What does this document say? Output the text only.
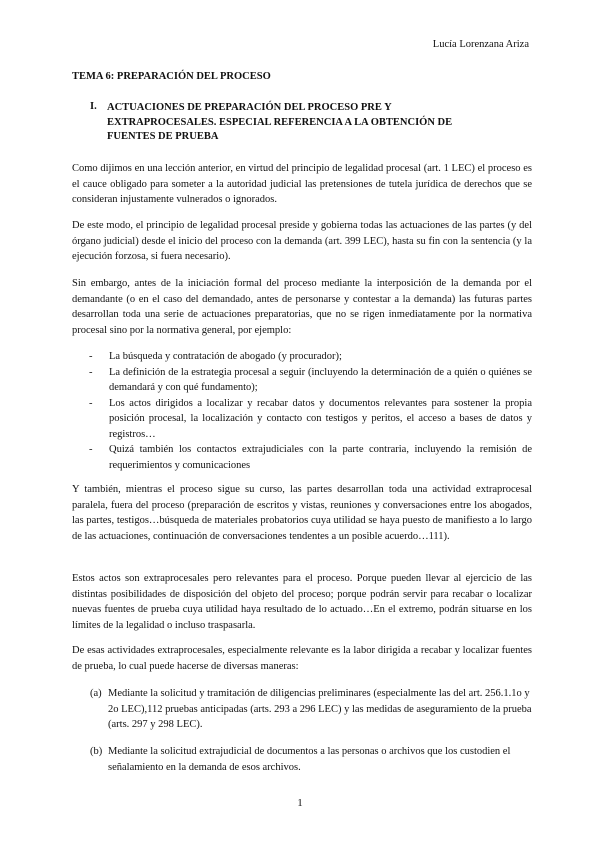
Lucía Lorenzana Ariza
TEMA 6: PREPARACIÓN DEL PROCESO
I. ACTUACIONES DE PREPARACIÓN DEL PROCESO PRE Y EXTRAPROCESALES. ESPECIAL REFERENCIA A LA OBTENCIÓN DE FUENTES DE PRUEBA
Como dijimos en una lección anterior, en virtud del principio de legalidad procesal (art. 1 LEC) el proceso es el cauce obligado para someter a la autoridad judicial las pretensiones de tutela jurídica de derechos que se consideran injustamente vulnerados o ignorados.
De este modo, el principio de legalidad procesal preside y gobierna todas las actuaciones de las partes (y del órgano judicial) desde el inicio del proceso con la demanda (art. 399 LEC), hasta su fin con la sentencia (y la ejecución forzosa, si fuera necesario).
Sin embargo, antes de la iniciación formal del proceso mediante la interposición de la demanda por el demandante (o en el caso del demandado, antes de personarse y contestar a la demanda) las futuras partes desarrollan toda una serie de actuaciones preparatorias, que no se rigen inmediatamente por la normativa procesal sino por la normativa general, por ejemplo:
- La búsqueda y contratación de abogado (y procurador);
- La definición de la estrategia procesal a seguir (incluyendo la determinación de a quién o quiénes se demandará y con qué fundamento);
- Los actos dirigidos a localizar y recabar datos y documentos relevantes para sostener la propia posición procesal, la localización y contacto con testigos y peritos, el acceso a bases de datos y registros…
- Quizá también los contactos extrajudiciales con la parte contraria, incluyendo la remisión de requerimientos y comunicaciones
Y también, mientras el proceso sigue su curso, las partes desarrollan toda una actividad extraprocesal paralela, fuera del proceso (preparación de escritos y vistas, reuniones y conversaciones entre los abogados, las partes, testigos…búsqueda de materiales probatorios cuya utilidad se haya puesto de manifiesto a lo largo de las actuaciones, continuación de conversaciones tendentes a un posible acuerdo…111).
Estos actos son extraprocesales pero relevantes para el proceso. Porque pueden llevar al ejercicio de las distintas posibilidades de disposición del objeto del proceso; porque podrán servir para recabar o localizar nuevas fuentes de prueba cuya utilidad haya resultado de lo actuado…En el extremo, podrán situarse en los límites de la legalidad o incluso traspasarla.
De esas actividades extraprocesales, especialmente relevante es la labor dirigida a recabar y localizar fuentes de prueba, lo cual puede hacerse de diversas maneras:
(a) Mediante la solicitud y tramitación de diligencias preliminares (especialmente las del art. 256.1.1o y 2o LEC),112 pruebas anticipadas (arts. 293 a 296 LEC) y las medidas de aseguramiento de la prueba (arts. 297 y 298 LEC).
(b) Mediante la solicitud extrajudicial de documentos a las personas o archivos que los custodien el señalamiento en la demanda de esos archivos.
1
